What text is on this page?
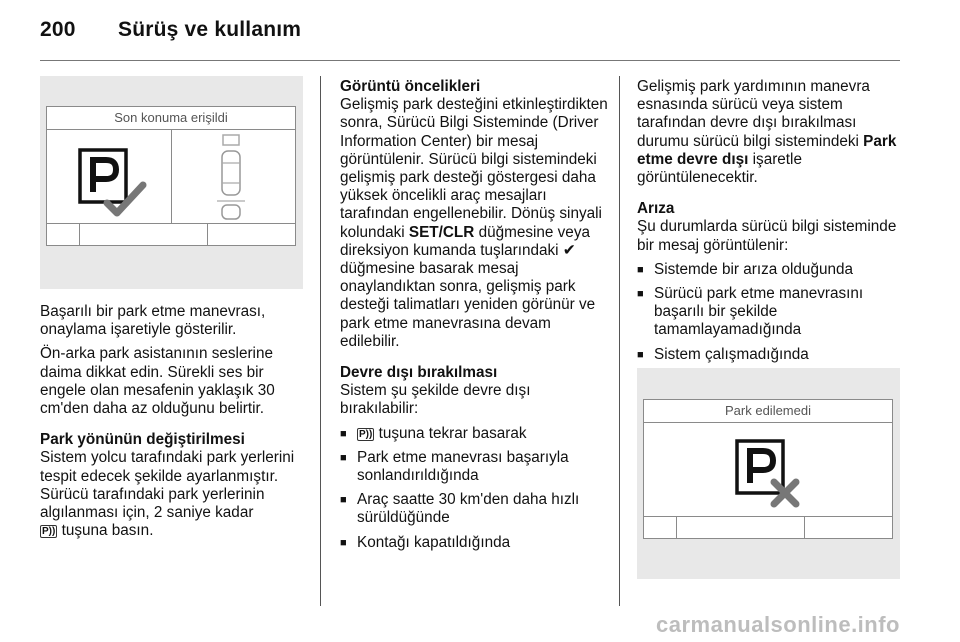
200 Sürüş ve kullanım
Son konuma erişildi

Başarılı bir park etme manevrası, onaylama işaretiyle gösterilir.

Ön-arka park asistanının seslerine daima dikkat edin. Sürekli ses bir engele olan mesafenin yaklaşık 30 cm'den daha az olduğunu belirtir.

Park yönünün değiştirilmesi

Sistem yolcu tarafındaki park yerlerini tespit edecek şekilde ayarlanmıştır. Sürücü tarafındaki park yerlerinin algılanması için, 2 saniye kadar
P)) tuşuna basın.

Görüntü öncelikleri

Gelişmiş park desteğini etkinleştirdikten sonra, Sürücü Bilgi Sisteminde (Driver Information Center) bir mesaj görüntülenir. Sürücü bilgi sistemindeki gelişmiş park desteği göstergesi daha yüksek öncelikli araç mesajları tarafından engellenebilir. Dönüş sinyali kolundaki SET/CLR düğmesine veya direksiyon kumanda tuşlarındaki ✔ düğmesine basarak mesaj onaylandıktan sonra, gelişmiş park desteği talimatları yeniden görünür ve park etme manevrasına devam edilebilir.

Devre dışı bırakılması

Sistem şu şekilde devre dışı bırakılabilir:

■ P)) tuşuna tekrar basarak

■ Park etme manevrası başarıyla sonlandırıldığında

■ Araç saatte 30 km'den daha hızlı sürüldüğünde

■ Kontağı kapatıldığında

Gelişmiş park yardımının manevra esnasında sürücü veya sistem tarafından devre dışı bırakılması durumu sürücü bilgi sistemindeki Park etme devre dışı işaretle görüntülenecektir.

Arıza

Şu durumlarda sürücü bilgi sisteminde bir mesaj görüntülenir:

■ Sistemde bir arıza olduğunda

■ Sürücü park etme manevrasını başarılı bir şekilde tamamlayamadığında

■ Sistem çalışmadığında

Park edilemedi
carmanualsonline.info
